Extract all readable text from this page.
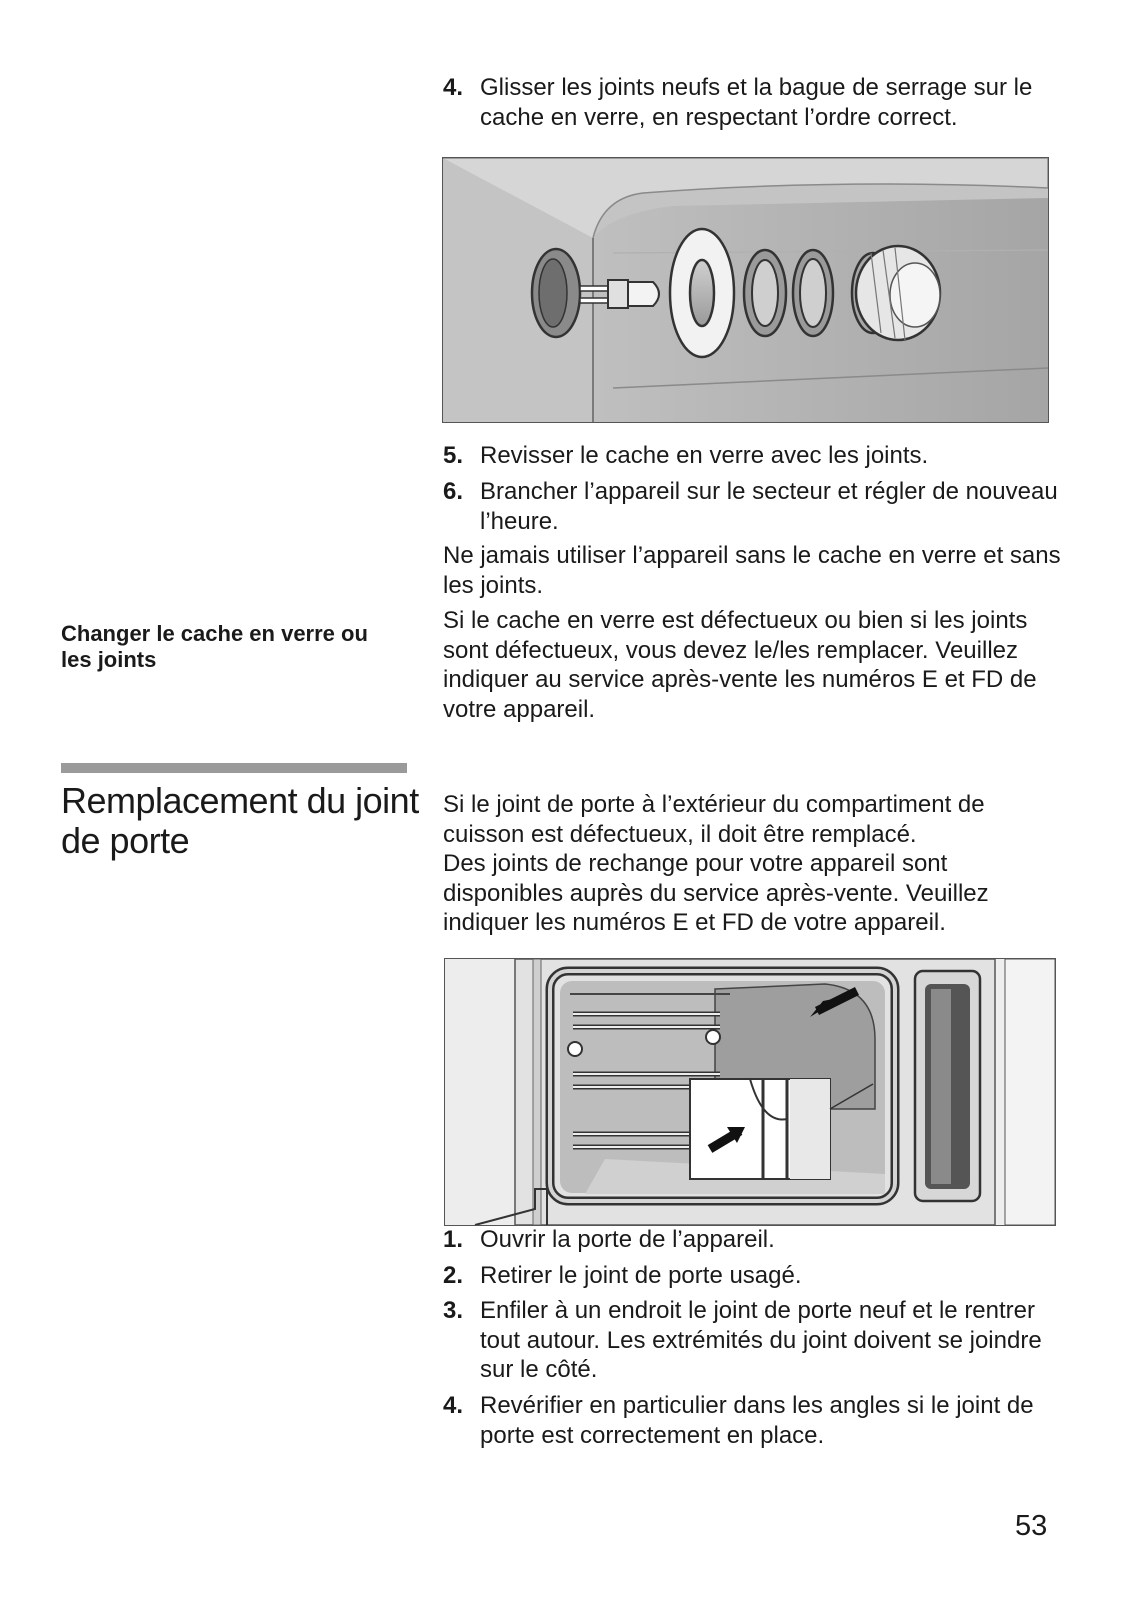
4. Glisser les joints neufs et la bague de serrage sur le cache en verre, en respectant l’ordre correct.
5. Revisser le cache en verre avec les joints.
6. Brancher l’appareil sur le secteur et régler de nouveau l’heure.
Ne jamais utiliser l’appareil sans le cache en verre et sans les joints.
Changer le cache en verre ou les joints
Si le cache en verre est défectueux ou bien si les joints sont défectueux, vous devez le/les remplacer. Veuillez indiquer au service après-vente les numéros E et FD de votre appareil.
Remplacement du joint de porte
Si le joint de porte à l’extérieur du compartiment de cuisson est défectueux, il doit être remplacé.
Des joints de rechange pour votre appareil sont disponibles auprès du service après-vente. Veuillez indiquer les numéros E et FD de votre appareil.
1. Ouvrir la porte de l’appareil.
2. Retirer le joint de porte usagé.
3. Enfiler à un endroit le joint de porte neuf et le rentrer tout autour. Les extrémités du joint doivent se joindre sur le côté.
4. Revérifier en particulier dans les angles si le joint de porte est correctement en place.
53
